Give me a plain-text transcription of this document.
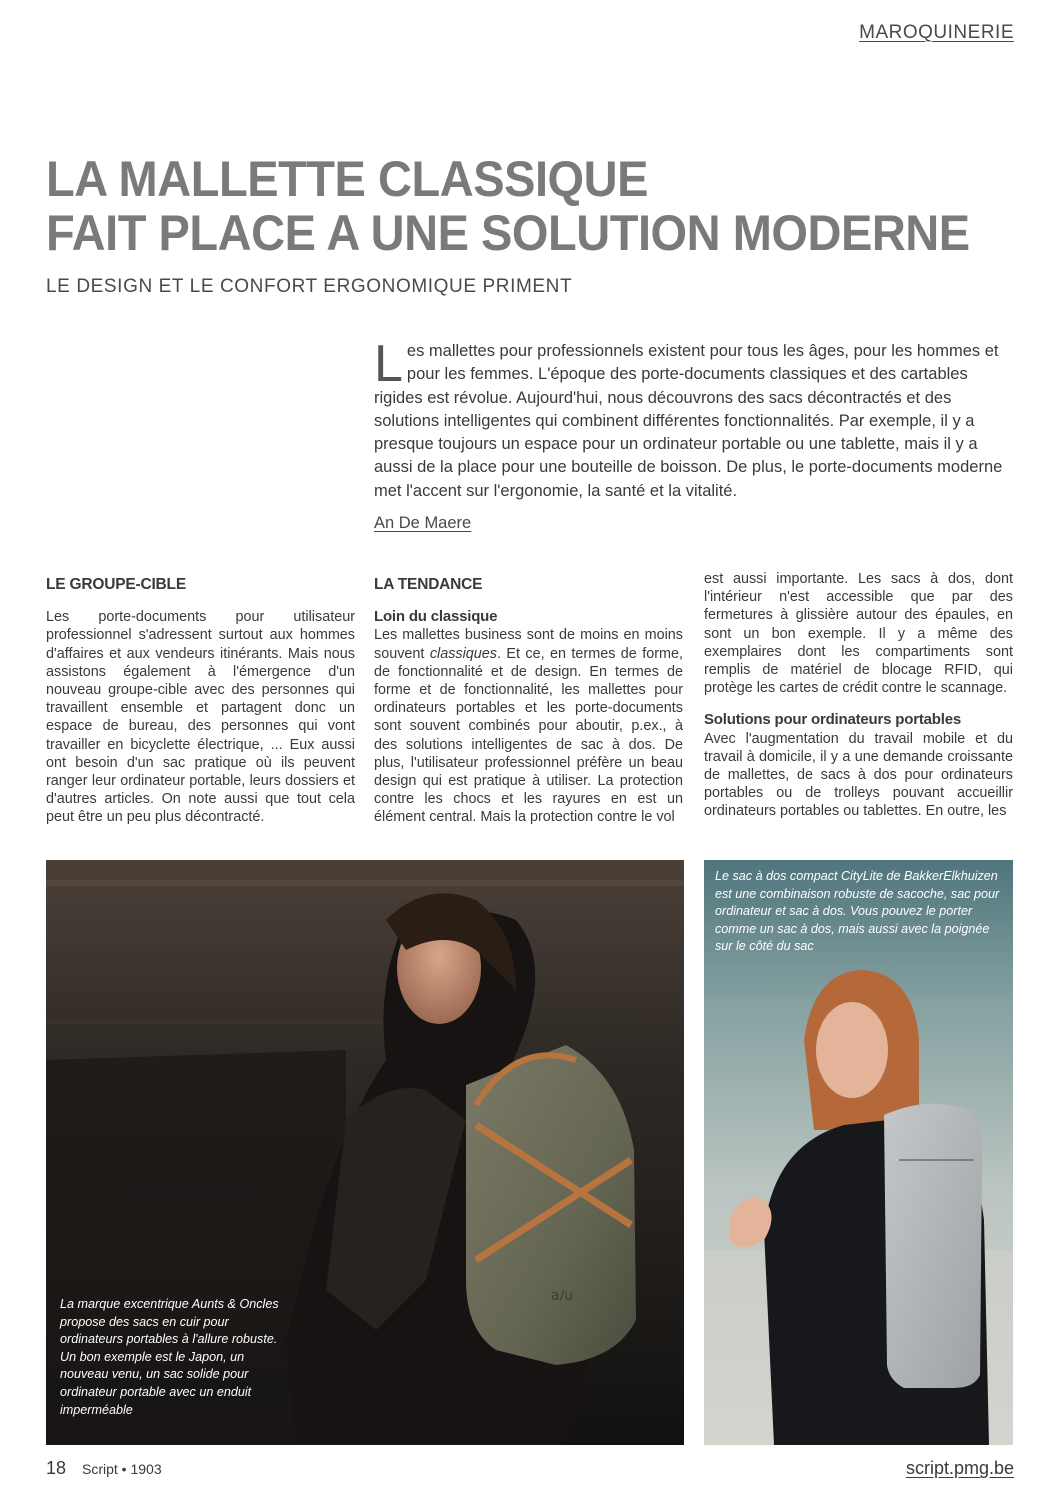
MAROQUINERIE
LA MALLETTE CLASSIQUE
FAIT PLACE A UNE SOLUTION MODERNE
LE DESIGN ET LE CONFORT ERGONOMIQUE PRIMENT
L es mallettes pour professionnels existent pour tous les âges, pour les hommes et pour les femmes. L'époque des porte-documents classiques et des cartables rigides est révolue. Aujourd'hui, nous découvrons des sacs décontractés et des solutions intelligentes qui combinent différentes fonctionnalités. Par exemple, il y a presque toujours un espace pour un ordinateur portable ou une tablette, mais il y a aussi de la place pour une bouteille de boisson. De plus, le porte-documents moderne met l'accent sur l'ergonomie, la santé et la vitalité.
An De Maere
LE GROUPE-CIBLE

Les porte-documents pour utilisateur professionnel s'adressent surtout aux hommes d'affaires et aux vendeurs itinérants. Mais nous assistons également à l'émergence d'un nouveau groupe-cible avec des personnes qui travaillent ensemble et partagent donc un espace de bureau, des personnes qui vont travailler en bicyclette électrique, ... Eux aussi ont besoin d'un sac pratique où ils peuvent ranger leur ordinateur portable, leurs dossiers et d'autres articles. On note aussi que tout cela peut être un peu plus décontracté.

LA TENDANCE
Loin du classique

Les mallettes business sont de moins en moins souvent classiques. Et ce, en termes de forme, de fonctionnalité et de design. En termes de forme et de fonctionnalité, les mallettes pour ordinateurs portables et les porte-documents sont souvent combinés pour aboutir, p.ex., à des solutions intelligentes de sac à dos. De plus, l'utilisateur professionnel préfère un beau design qui est pratique à utiliser. La protection contre les chocs et les rayures en est un élément central. Mais la protection contre le vol

est aussi importante. Les sacs à dos, dont l'intérieur n'est accessible que par des fermetures à glissière autour des épaules, en sont un bon exemple. Il y a même des exemplaires dont les compartiments sont remplis de matériel de blocage RFID, qui protège les cartes de crédit contre le scannage.

Solutions pour ordinateurs portables

Avec l'augmentation du travail mobile et du travail à domicile, il y a une demande croissante de mallettes, de sacs à dos pour ordinateurs portables ou de trolleys pouvant accueillir ordinateurs portables ou tablettes. En outre, les

a/u
La marque excentrique Aunts & Oncles propose des sacs en cuir pour ordinateurs portables à l'allure robuste. Un bon exemple est le Japon, un nouveau venu, un sac solide pour ordinateur portable avec un enduit imperméable
Le sac à dos compact CityLite de BakkerElkhuizen est une combinaison robuste de sacoche, sac pour ordinateur et sac à dos. Vous pouvez le porter comme un sac à dos, mais aussi avec la poignée sur le côté du sac
18 Script • 1903	script.pmg.be
